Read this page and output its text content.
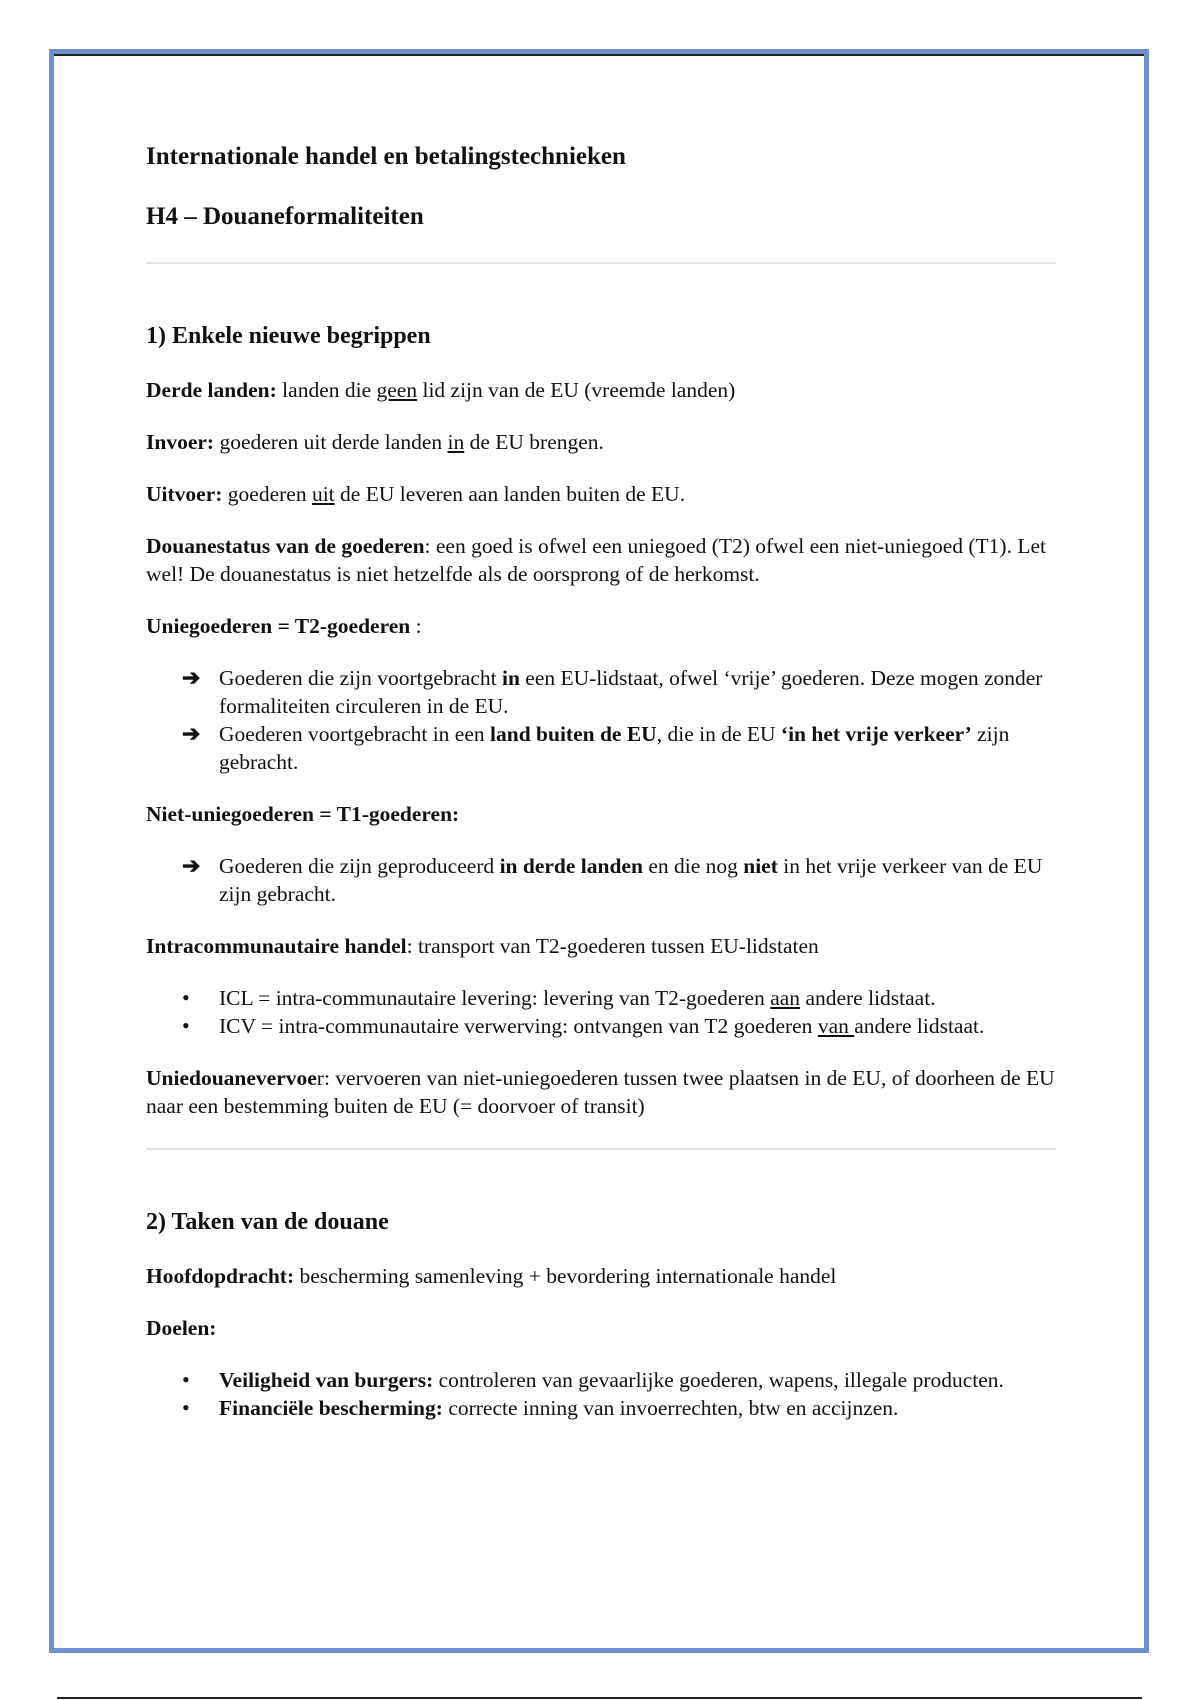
Internationale handel en betalingstechnieken
H4 – Douaneformaliteiten
1) Enkele nieuwe begrippen

Derde landen: landen die geen lid zijn van de EU (vreemde landen)

Invoer: goederen uit derde landen in de EU brengen.

Uitvoer: goederen uit de EU leveren aan landen buiten de EU.

Douanestatus van de goederen: een goed is ofwel een uniegoed (T2) ofwel een niet-uniegoed (T1). Let wel! De douanestatus is niet hetzelfde als de oorsprong of de herkomst.

Uniegoederen = T2-goederen :

➔ Goederen die zijn voortgebracht in een EU-lidstaat, ofwel ‘vrije’ goederen. Deze mogen zonder formaliteiten circuleren in de EU.
➔ Goederen voortgebracht in een land buiten de EU, die in de EU ‘in het vrije verkeer’ zijn gebracht.

Niet-uniegoederen = T1-goederen:

➔ Goederen die zijn geproduceerd in derde landen en die nog niet in het vrije verkeer van de EU zijn gebracht.

Intracommunautaire handel: transport van T2-goederen tussen EU-lidstaten

• ICL = intra-communautaire levering: levering van T2-goederen aan andere lidstaat.
• ICV = intra-communautaire verwerving: ontvangen van T2 goederen van andere lidstaat.

Uniedouanevervoer: vervoeren van niet-uniegoederen tussen twee plaatsen in de EU, of doorheen de EU naar een bestemming buiten de EU (= doorvoer of transit)

2) Taken van de douane

Hoofdopdracht: bescherming samenleving + bevordering internationale handel

Doelen:

• Veiligheid van burgers: controleren van gevaarlijke goederen, wapens, illegale producten.
• Financiële bescherming: correcte inning van invoerrechten, btw en accijnzen.
